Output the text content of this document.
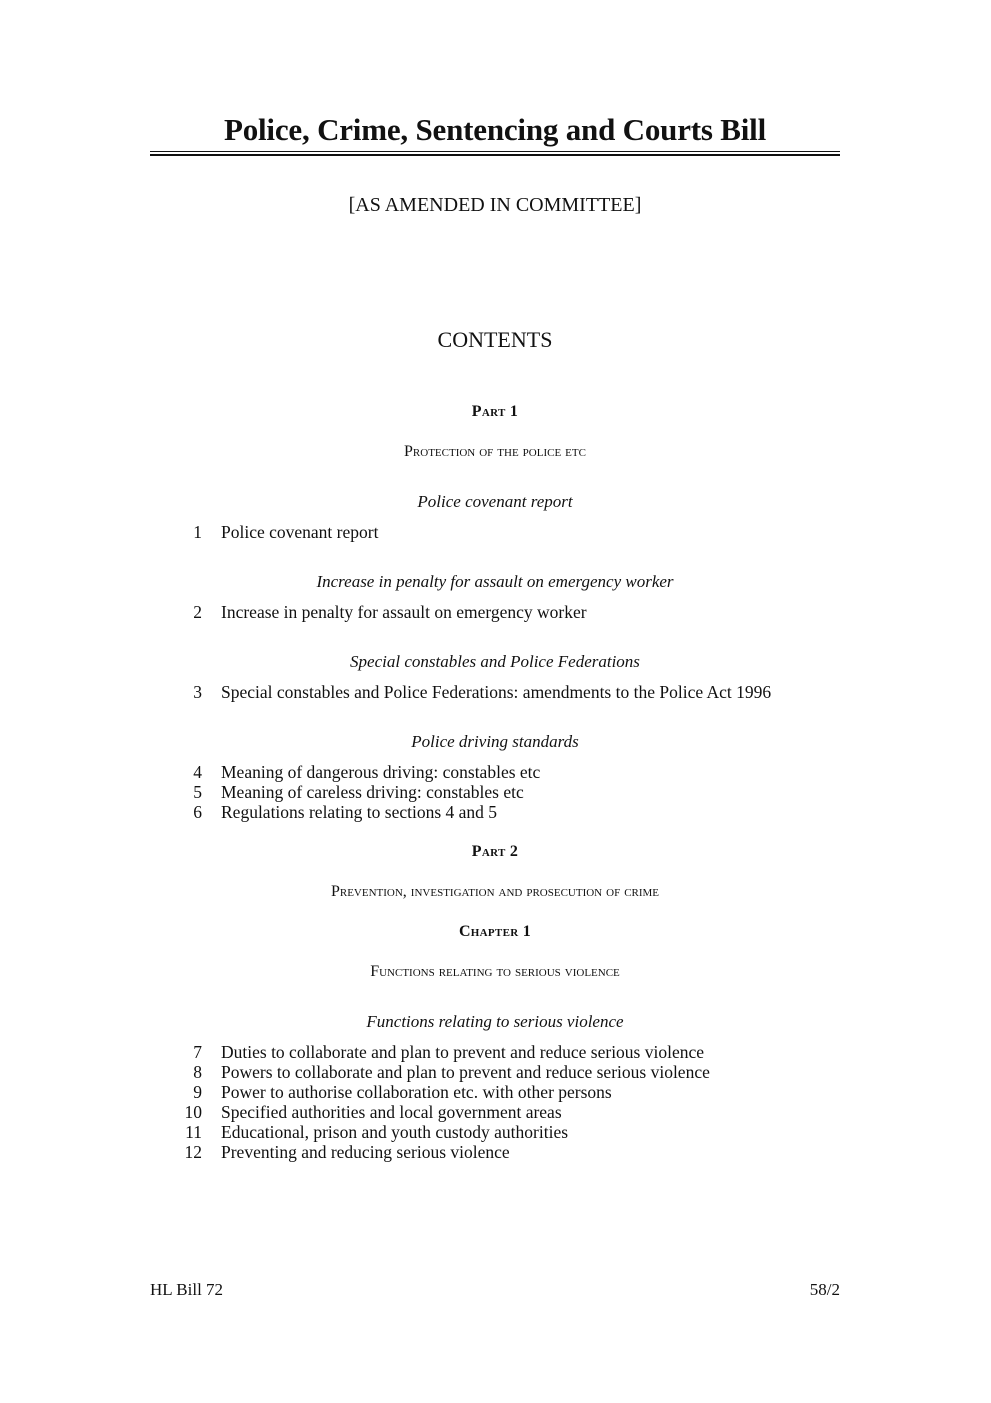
Police, Crime, Sentencing and Courts Bill
[AS AMENDED IN COMMITTEE]
CONTENTS
Part 1
Protection of the police etc
Police covenant report
1 Police covenant report
Increase in penalty for assault on emergency worker
2 Increase in penalty for assault on emergency worker
Special constables and Police Federations
3 Special constables and Police Federations: amendments to the Police Act 1996
Police driving standards
4 Meaning of dangerous driving: constables etc
5 Meaning of careless driving: constables etc
6 Regulations relating to sections 4 and 5
Part 2
Prevention, investigation and prosecution of crime
Chapter 1
Functions relating to serious violence
Functions relating to serious violence
7 Duties to collaborate and plan to prevent and reduce serious violence
8 Powers to collaborate and plan to prevent and reduce serious violence
9 Power to authorise collaboration etc. with other persons
10 Specified authorities and local government areas
11 Educational, prison and youth custody authorities
12 Preventing and reducing serious violence
HL Bill 72	58/2
